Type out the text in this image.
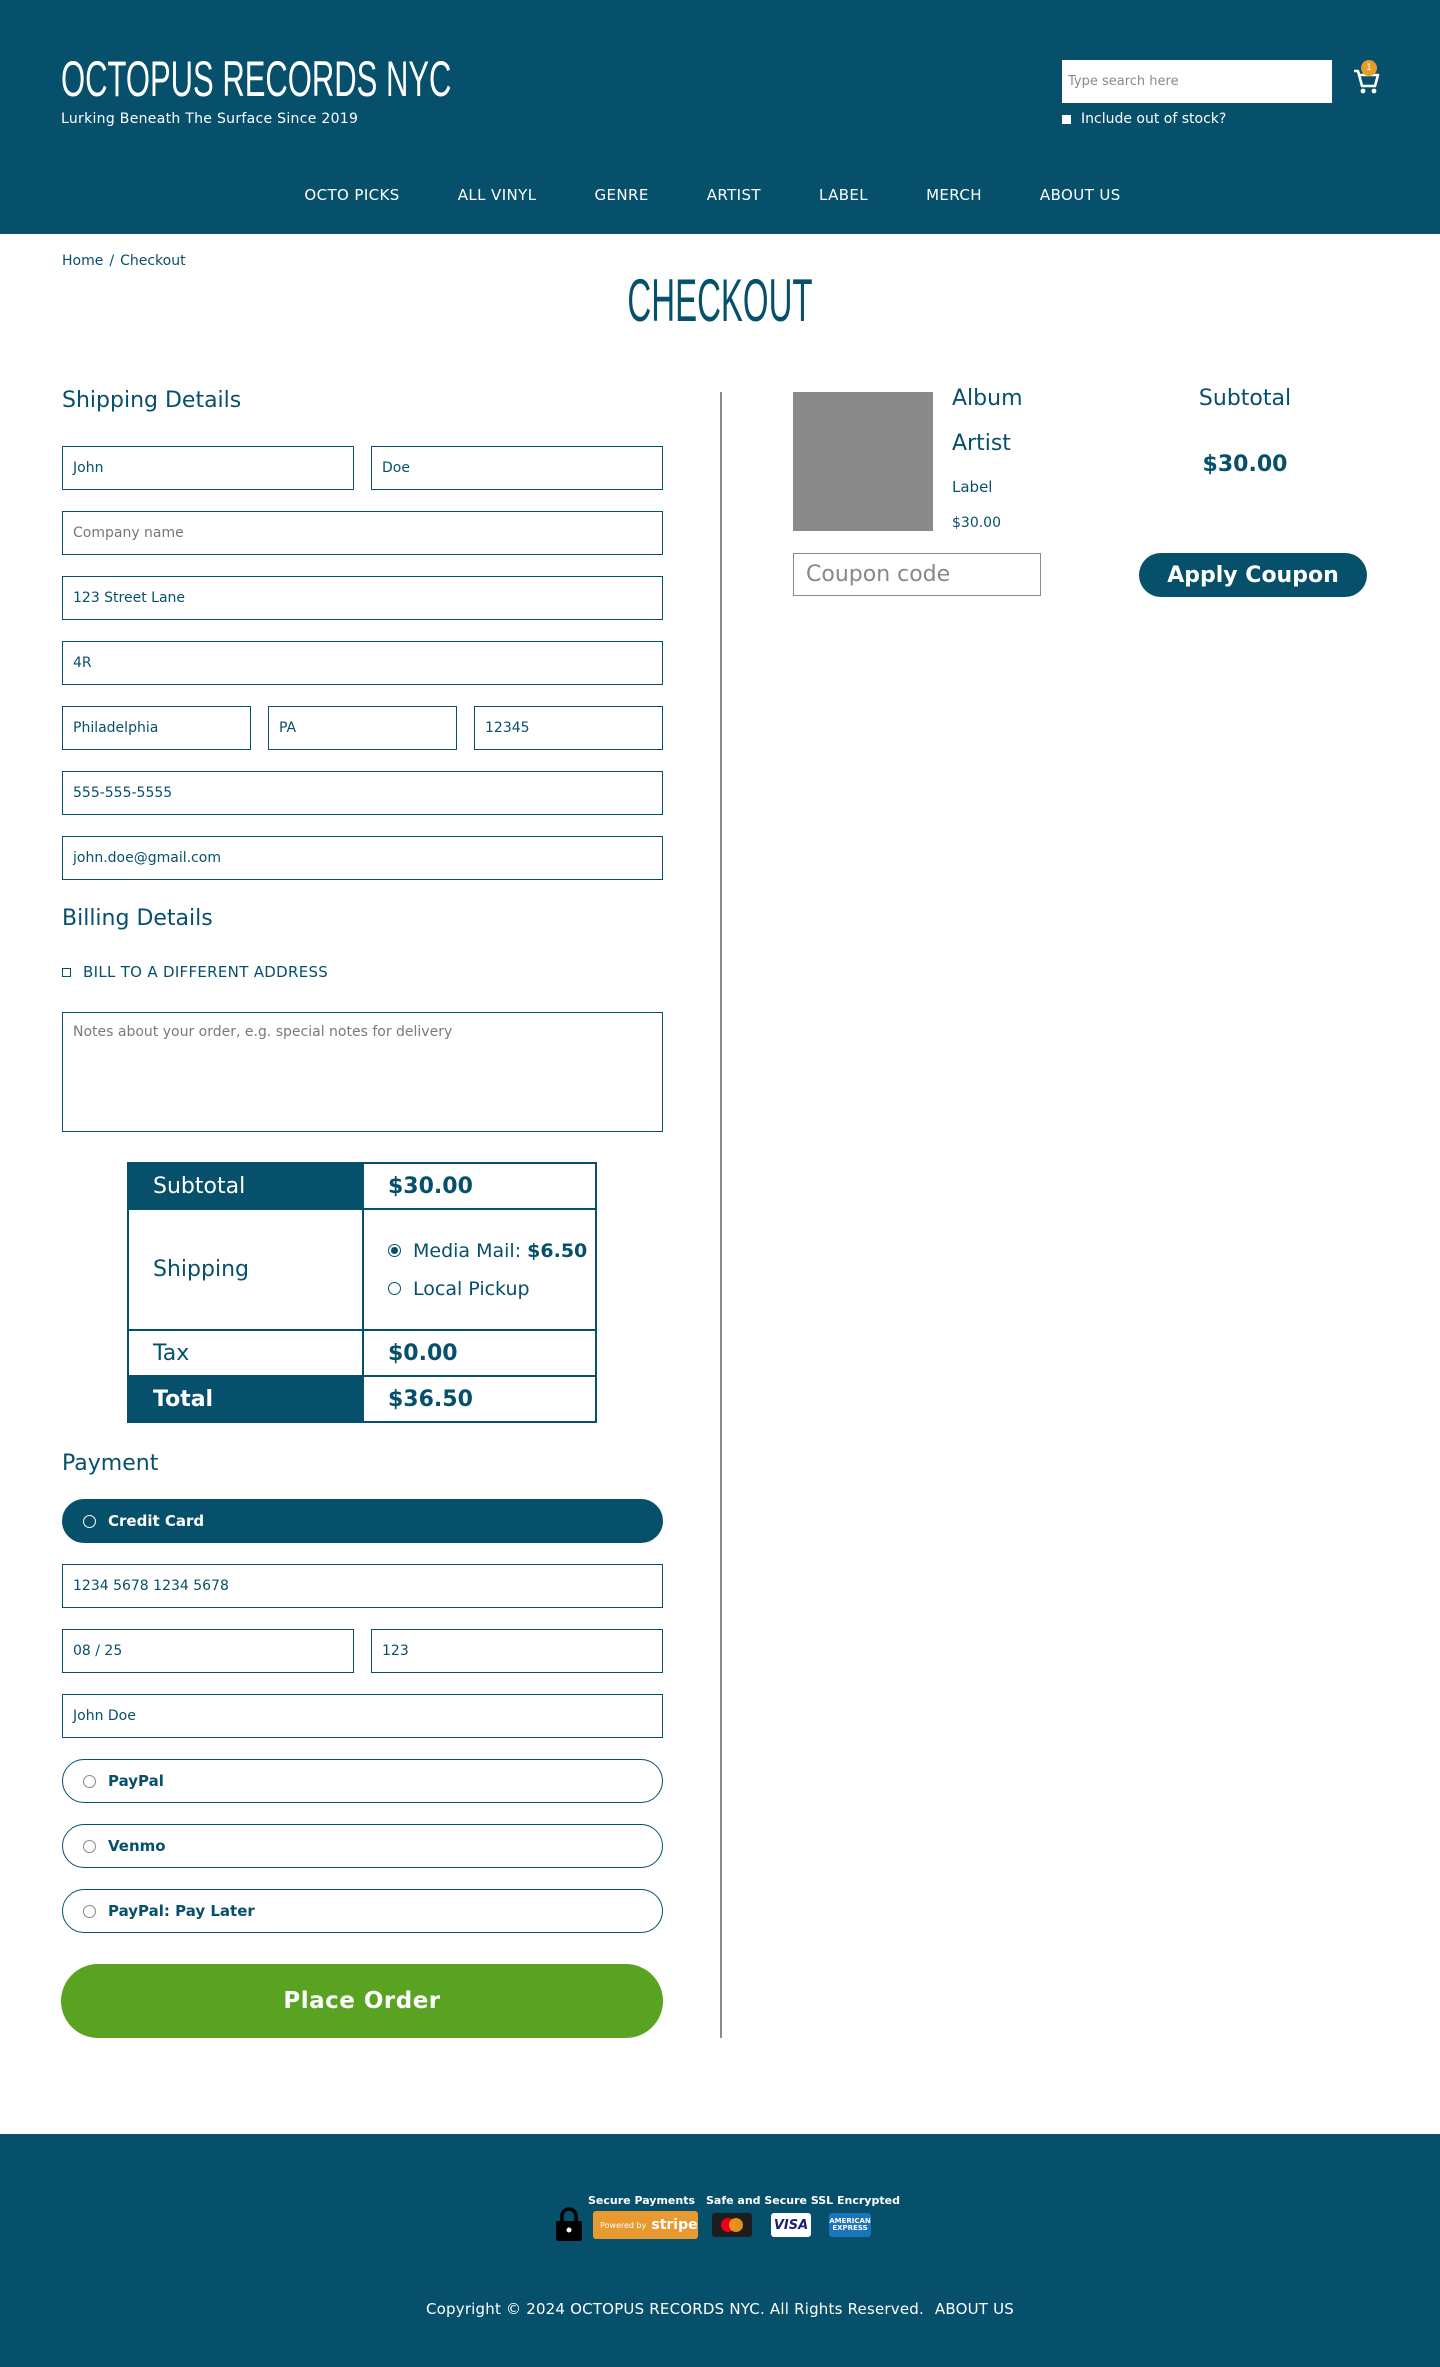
OCTOPUS RECORDS NYC
Lurking Beneath The Surface Since 2019
Type search here	Include out of stock?
1
OCTO PICKS	ALL VINYL	GENRE	ARTIST	LABEL	MERCH	ABOUT US
Home / Checkout
CHECKOUT
Shipping Details
John	Doe
Company name
123 Street Lane
4R
Philadelphia	PA	12345
555-555-5555
john.doe@gmail.com
Billing Details
BILL TO A DIFFERENT ADDRESS
Notes about your order, e.g. special notes for delivery
Subtotal	$30.00
Shipping	Media Mail: $6.50
Local Pickup

Tax	$0.00
Total	$36.50
Payment
Credit Card
1234 5678 1234 5678
08 / 25	123
John Doe
PayPal
Venmo
PayPal: Pay Later
Place Order
Album
Artist
Label
$30.00
Subtotal
$30.00
Coupon code	Apply Coupon
Secure Payments Safe and Secure SSL Encrypted
Powered by stripe	VISA	AMERICAN EXPRESS
Copyright © 2024 OCTOPUS RECORDS NYC. All Rights Reserved. ABOUT US
